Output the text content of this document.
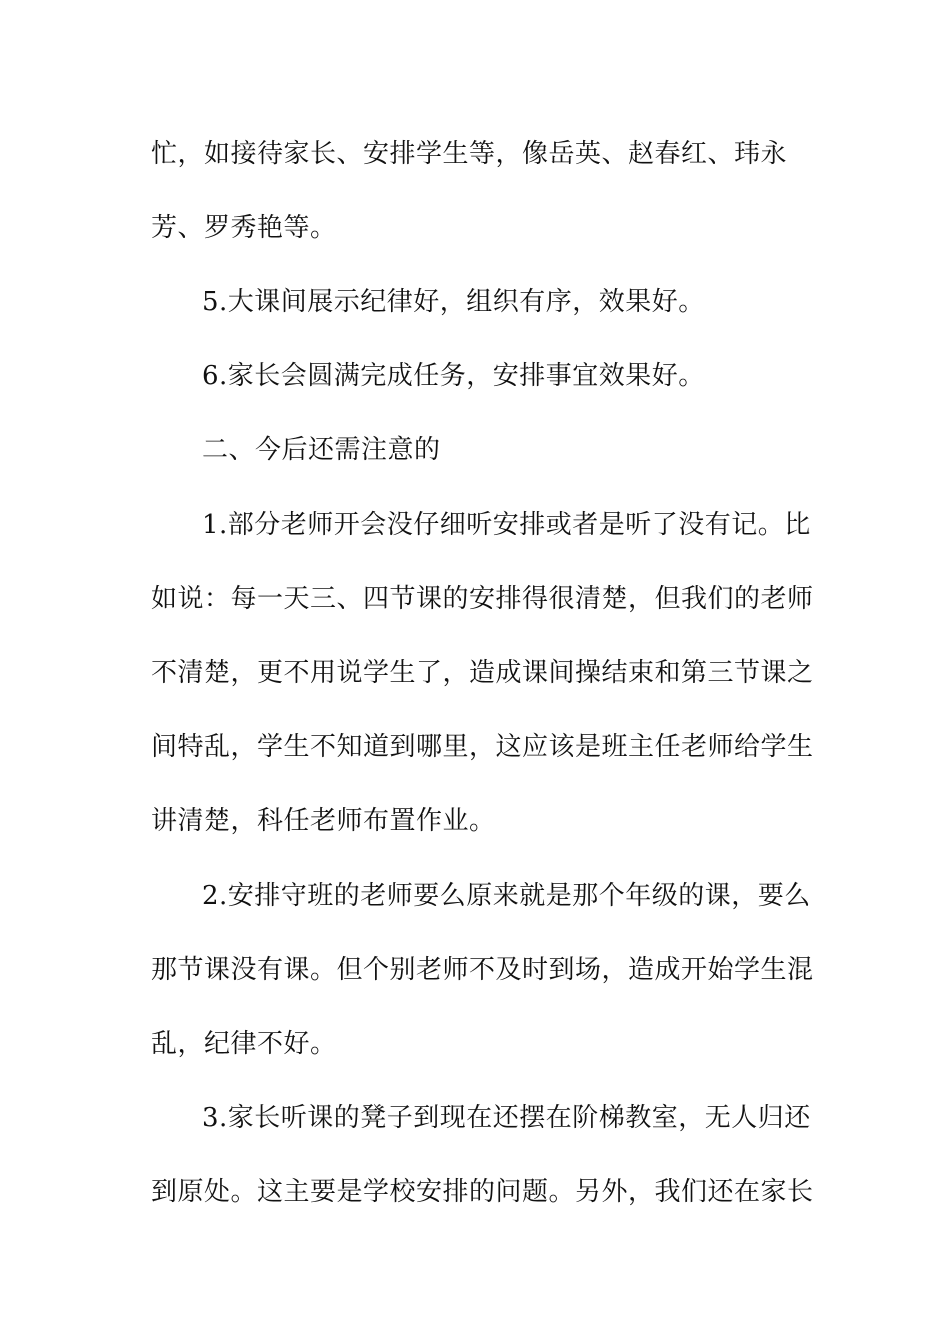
忙，如接待家长、安排学生等，像岳英、赵春红、玮永
芳、罗秀艳等。
5.大课间展示纪律好，组织有序，效果好。
6.家长会圆满完成任务，安排事宜效果好。
二、今后还需注意的
1.部分老师开会没仔细听安排或者是听了没有记。比
如说：每一天三、四节课的安排得很清楚，但我们的老师
不清楚，更不用说学生了，造成课间操结束和第三节课之
间特乱，学生不知道到哪里，这应该是班主任老师给学生
讲清楚，科任老师布置作业。
2.安排守班的老师要么原来就是那个年级的课，要么
那节课没有课。但个别老师不及时到场，造成开始学生混
乱，纪律不好。
3.家长听课的凳子到现在还摆在阶梯教室，无人归还
到原处。这主要是学校安排的问题。另外，我们还在家长
